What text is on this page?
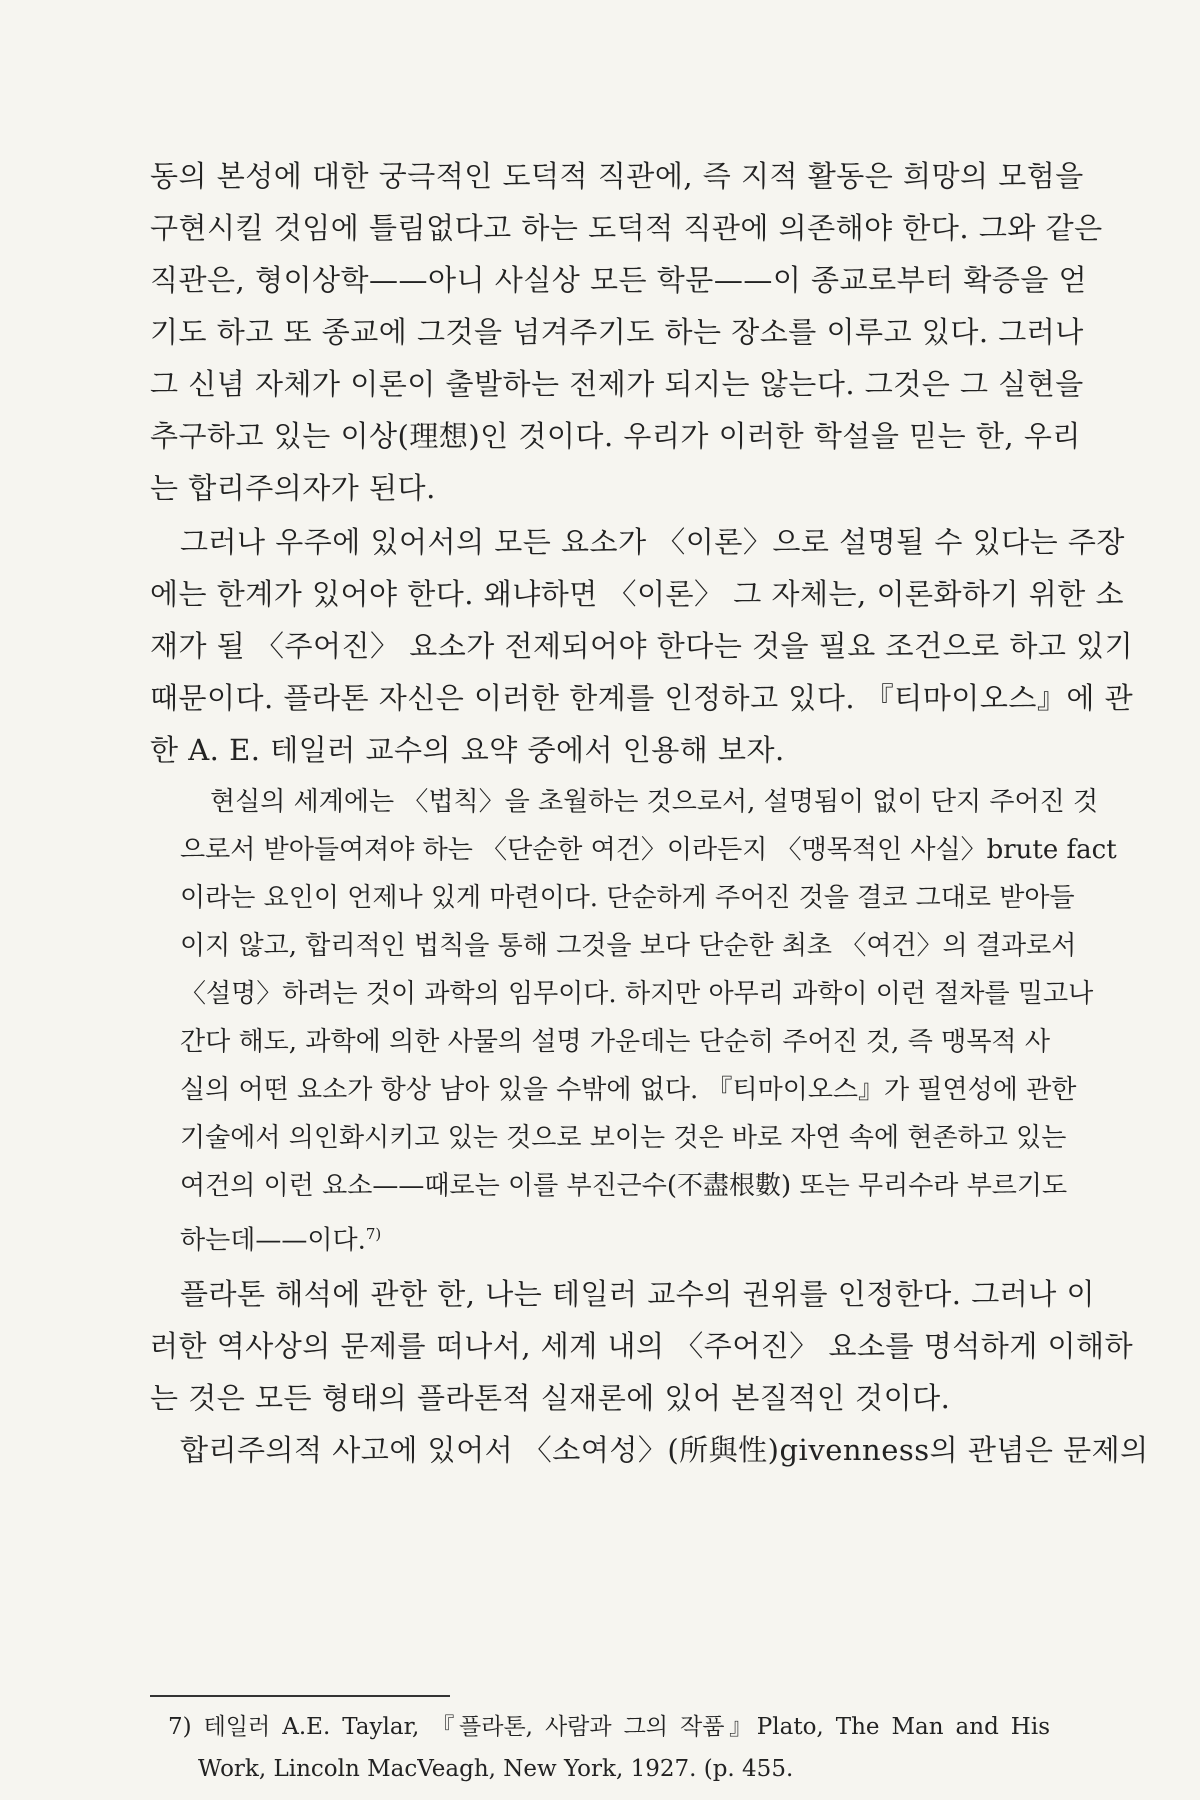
동의 본성에 대한 궁극적인 도덕적 직관에, 즉 지적 활동은 희망의 모험을
구현시킬 것임에 틀림없다고 하는 도덕적 직관에 의존해야 한다. 그와 같은
직관은, 형이상학——아니 사실상 모든 학문——이 종교로부터 확증을 얻
기도 하고 또 종교에 그것을 넘겨주기도 하는 장소를 이루고 있다. 그러나
그 신념 자체가 이론이 출발하는 전제가 되지는 않는다. 그것은 그 실현을
추구하고 있는 이상(理想)인 것이다. 우리가 이러한 학설을 믿는 한, 우리
는 합리주의자가 된다.
그러나 우주에 있어서의 모든 요소가 〈이론〉으로 설명될 수 있다는 주장
에는 한계가 있어야 한다. 왜냐하면 〈이론〉 그 자체는, 이론화하기 위한 소
재가 될 〈주어진〉 요소가 전제되어야 한다는 것을 필요 조건으로 하고 있기
때문이다. 플라톤 자신은 이러한 한계를 인정하고 있다. 『티마이오스』에 관
한 A. E. 테일러 교수의 요약 중에서 인용해 보자.
현실의 세계에는 〈법칙〉을 초월하는 것으로서, 설명됨이 없이 단지 주어진 것
으로서 받아들여져야 하는 〈단순한 여건〉이라든지 〈맹목적인 사실〉brute fact
이라는 요인이 언제나 있게 마련이다. 단순하게 주어진 것을 결코 그대로 받아들
이지 않고, 합리적인 법칙을 통해 그것을 보다 단순한 최초 〈여건〉의 결과로서
〈설명〉하려는 것이 과학의 임무이다. 하지만 아무리 과학이 이런 절차를 밀고나
간다 해도, 과학에 의한 사물의 설명 가운데는 단순히 주어진 것, 즉 맹목적 사
실의 어떤 요소가 항상 남아 있을 수밖에 없다. 『티마이오스』가 필연성에 관한
기술에서 의인화시키고 있는 것으로 보이는 것은 바로 자연 속에 현존하고 있는
여건의 이런 요소——때로는 이를 부진근수(不盡根數) 또는 무리수라 부르기도
하는데——이다.$^{7)}$
플라톤 해석에 관한 한, 나는 테일러 교수의 권위를 인정한다. 그러나 이
러한 역사상의 문제를 떠나서, 세계 내의 〈주어진〉 요소를 명석하게 이해하
는 것은 모든 형태의 플라톤적 실재론에 있어 본질적인 것이다.
합리주의적 사고에 있어서 〈소여성〉(所與性)givenness의 관념은 문제의
7) 테일러 A.E. Taylar, 『플라톤, 사람과 그의 작품』Plato, The Man and His
Work, Lincoln MacVeagh, New York, 1927. (p. 455.
